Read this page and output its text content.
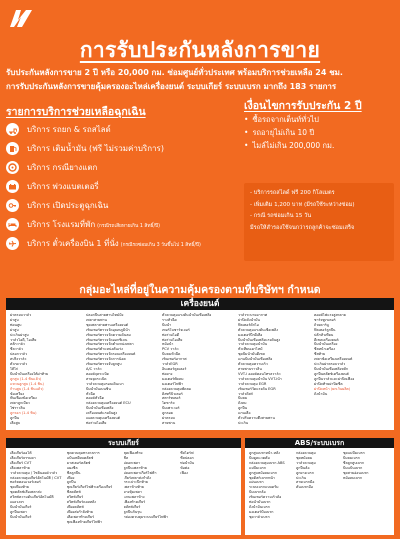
การรับประกันหลังการขาย
รับประกันหลังการขาย 2 ปี หรือ 20,000 กม. ซ่อมศูนย์ทั่วประเทศ พร้อมบริการช่วยเหลือ 24 ชม.
การรับประกันหลังการขายคุ้มครองอะไหล่เครื่องยนต์ ระบบเกียร์ ระบบเบรก มากถึง 183 รายการ
รายการบริการช่วยเหลือฉุกเฉิน
บริการ รถยก & รถสไลด์
บริการ เติมน้ำมัน (ฟรี ไม่รวมค่าบริการ)
บริการ กรณียางแตก
บริการ พ่วงแบตเตอรี่
บริการ เปิดประตูฉุกเฉิน
บริการ โรงแรมที่พัก (กรณีรถเสียหายเกิน 1 สิทธิ์/ปี)
บริการ ตั๋วเครื่องบิน 1 ที่นั่ง (กรณีรถซ่อมเกิน 3 วันขึ้นไป 1 สิทธิ์/ปี)
เงื่อนไขการรับประกัน 2 ปี
• ซื้อรถจากเต็นท์ทั่วไป
• รถอายุไม่เกิน 10 ปี
• ไมล์ไม่เกิน 200,000 กม.
- บริการรถสไลด์ ฟรี 200 กิโลเมตร
- เพิ่มเติม 1,200 บาท (มีรถใช้ระหว่างซ่อม)
- กรณี รถซ่อมเกิน 15 วัน
มีรถให้สำรองใช้จนกว่ารถลูกค้าจะซ่อมเสร็จ
กลุ่มอะไหล่ที่อยู่ในความคุ้มครองตามที่บริษัทฯ กำหนด
เครื่องยนต์
ฝาครอบวาล์ว
ฝาสูบ
ท่อนสูบ
ฝาสูบ
ปะเก็นฝาสูบ
วาล์วไอดี, ไอเสีย
สลักวาล์ว
ซีลวาล์ว
ปลอกวาล์ว
สปริงวาล์ว
ตัวกดวาล์ว
ไส้ไก่
ปั๊มน้ำมันเครื่องใต้ฝาท้าย
ลูกสูบ (1-4 ชิ้นแล้ว)
แหวนลูกสูบ (1-4 ชิ้น)
ก้านสูบ (1-4 ชิ้นแล้ว)
ข้อเหวี่ยง
ฟันเฟืองข้อเหวี่ยง
เพลาลูกเบี้ยว
โซ่ราวลิ้น
ลูกรอก (1-4 ชิ้น)
ลูกปืน
เสื้อสูบ
ปลอกปืนสายพานไทม์มิ่ง
เพลาสายพาน
ชุดเพลาสายพานเครื่องยนต์
เซ็นเซอร์ตรวจวัดอุณหภูมิน้ำ
เซ็นเซอร์ตรวจวัดความดันลม
เซ็นเซอร์ตรวจวัดออกซิเจน
เซ็นเซอร์ตรวจวัดตำแหน่งเพลา
เซ็นเซอร์ตำแหน่งคันเร่ง
เซ็นเซอร์ตรวจวัดรอบเครื่องยนต์
เซ็นเซอร์ตรวจวัดการน็อค
เซ็นเซอร์ตรวจจับลูกสูบ
A/C วาล์ว
คอยล์จุดระเบิด
สายจุดระเบิด
วาล์วควบคุมรอบเดินเบา
ปั๊มน้ำมันเบนซิน
หัวฉีด
คอยล์หัวฉีด
กล่องควบคุมเครื่องยนต์ ECU
ปั๊มน้ำมันเชื้อเพลิง
เครื่องยนต์แรงดันสูง
แผงควบคุมเครื่องยนต์
ท่อร่วมไอเสีย
ตัวควบคุมแรงดันน้ำมันเชื้อเพลิง
รางหัวฉีด
ปั๊มน้ำ
เทอร์โบชาร์จเจอร์
ท่อร่วมไอดี
ท่อร่วมไอเสีย
หม้อน้ำ
PCV วาล์ว
ปั๊มลมหัวฉีด
เซ็นเซอร์อากาศ
วาล์วEGR
อินเตอร์คูลเลอร์
ท่อยาง
มอเตอร์พัดลม
มอเตอร์ไฟฟ้า
กล่องควบคุมพัดลม
ดิสทริบิวเตอร์
สตาร์ทเตอร์
ไดชาร์จ
ปั๊มเพาเวอร์
ลูกลอย
ฝาครอบ
สายพาน
วาล์วระบายอากาศ
ฝาปิดถังน้ำมัน
ฟิลเตอร์ดักไอ
ตัวควบคุมแรงดันเชื้อเพลิง
มอเตอร์ปีกผีเสื้อ
ปั๊มน้ำมันเชื้อเพลิงแรงดันสูง
วาล์วควบคุมน้ำมัน
หัวเทียนเผาไหม้
ชุดปั๊มน้ำมันดีเซล
แกนปั๊มน้ำมันเชื้อเพลิง
ตัวควบคุมความเร็ว
สายพานราวลิ้น
VVT-i ออยล์คอนโทรลวาล์ว
วาล์วควบคุมน้ำมัน VVT-iน้ำ
วาล์วควบคุม EGR
เซ็นเซอร์วัดแรงดัน EGR
วาล์วดิสก์
ปั๊มลม
ถังลม
ลูกปืน
แกนเสื้อ
ตัวปรับความตึงสายพาน
ปะเก็น
คอยล์ไฟแรงสูงหลาย
ชาร์จทูเรเตอร์
ถ้วยคาร์บู
ฟิลเตอร์ลูกปืน
ปลั๊กหัวเทียน
ดีเซลเครื่องยนต์
ปั๊มน้ำมันเครื่อง
ซีลหน้าเครื่อง
ซีลท้าย
เพลาข้อเหวี่ยงเครื่องยนต์
ปะเก็นฝาครอบวาล์ว
ปั๊มน้ำมันเชื้อเพลิงหลัก
ลูกปืนคลัตช์เครื่องยนต์
ลูกปืนวาล์วและฝาปิดเฟือง
ฝาปิดท้ายฝาปิดซีล
ฝาปิดหน้า (ยกเว้นผลิต)
ถังน้ำมัน
ระบบเกียร์
เสื้อเกียร์ออโต้
เสื้อเกียร์ธรรมดา
เสื้อเกียร์ CVT
เสื้อเพลาท้าย
วาล์วควบคุม / โซลินอยด์วาล์ว
กล่องควบคุมเกียร์อัตโนมัติ / CVT
ทอร์คคอนเวอร์เตอร์
ชุดเฟืองท้าย
ชุดคลัตช์เสื้อเพลาส่ง
สวิตช์ความดันเกียร์อัตโนมัติ
แผงวงจร
ปั๊มน้ำมันเกียร์
ลูกปืนเพลา
ปั๊มน้ำมันเกียร์
ชุดควบคุมทางกลการ
แป้นเหยียบคลัตช์
มาสเตอร์คลัตช์
แผงซีล
ซีลลูกปืน
เฟือง
ลูกปืน
ชุดเกียร์เกียร์ไฟฟ้าเครื่องเกียร์
ซีลคลัตช์
สวิตช์เกียร์
สวิตช์เกียร์ถอยหลัง
เฟืองคลัตช์
เฟืองส่งกำลังท้าย
เสื้อเพลาท้ายเกียร์
ชุดเฟืองท้ายเกียร์ไฟฟ้า
ชุดเฟืองท้าย
ซีล
ปลอกเพลา
ลูกปืนเพลาท้าย
ปลอกเพลาเกียร์ไฟฟ้า
เกียร์เพลาส่งกำลัง
กระเปาะปีกท้าย
เพลาข้างท้าย
ยางหุ้มเพลา
แกนเพลาข้าง
เฟืองท้ายเกียร์
คลัตช์เกียร์
ลูกปืนกันรุน
กล่องควบคุมระบบเกียร์ไฟฟ้า
ซีลไดร์ฟ
ซีลปลอก
ท่อน้ำมัน
ข้อต่อ
เฟือง
ABS/ระบบเบรก
ลูกสูบเบรกหน้า-หลัง
ปั๊มดูดแวคคั่ม
กล่องควบคุมเบรก ABS
แม่ปั๊มเบรก
ลูกสูบหม้อลมเบรก
ชุดดิสก์เบรกหน้า
แผ่นเบรก
ระบบเบรกแบบดรัม
ปั๊มเบรกล้อ
เซ็นเซอร์ความเร็วล้อ
ท่อน้ำมันเบรก
ถังน้ำมันเบรก
มอเตอร์ปั๊มเบรก
ชุดวาล์วเบรก
กล่องควบคุม
ชุดหม้อลม
วาล์วควบคุม
ลูกปืนล้อ
ลูกยางเบรก
ปะเก็น
สายเบรกมือ
คันเบรกมือ
ชุดแม่ปั๊มเบรก
ปั๊มลมเบรก
ซีลลูกสูบเบรก
ปั๊มแป้นเบรก
ชุดสายอ่อนเบรก
หม้อลมเบรก
